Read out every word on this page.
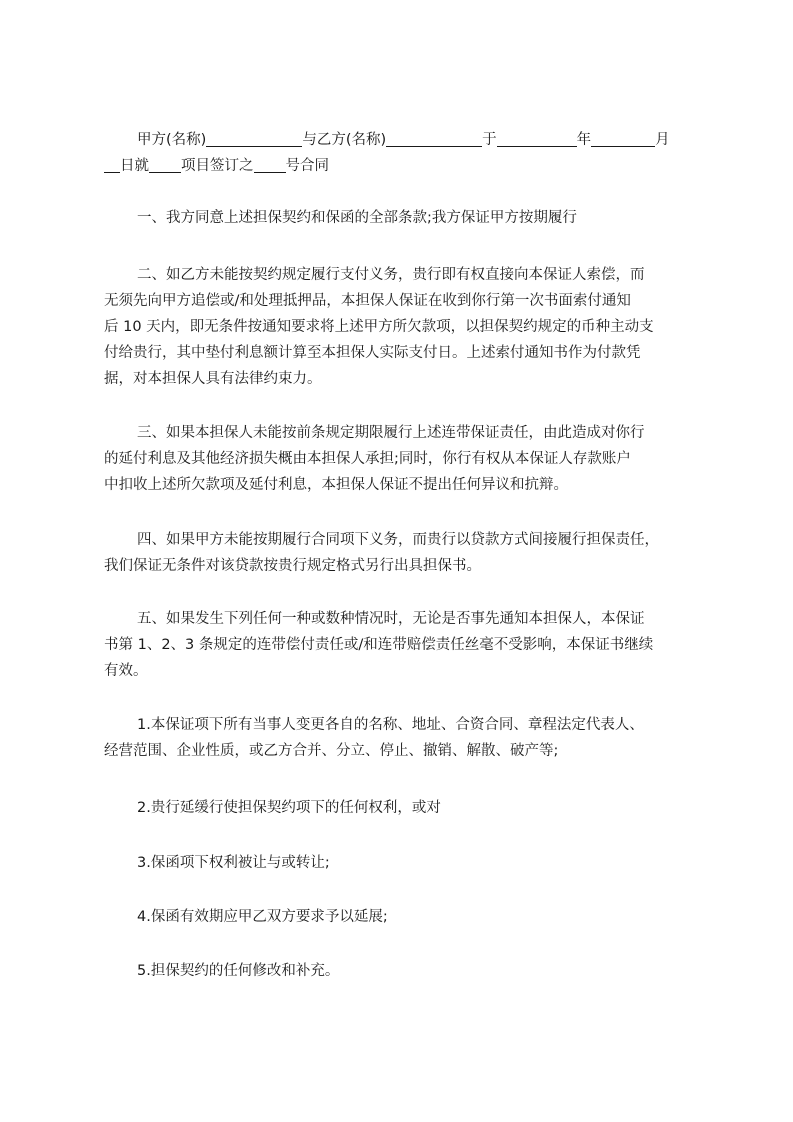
甲方(名称)	与乙方(名称)	于	年	月
日就 项目签订之 号合同
一、我方同意上述担保契约和保函的全部条款;我方保证甲方按期履行
二、如乙方未能按契约规定履行支付义务，贵行即有权直接向本保证人索偿，而
无须先向甲方追偿或/和处理抵押品，本担保人保证在收到你行第一次书面索付通知
后 10 天内，即无条件按通知要求将上述甲方所欠款项，以担保契约规定的币种主动支
付给贵行，其中垫付利息额计算至本担保人实际支付日。上述索付通知书作为付款凭
据，对本担保人具有法律约束力。
三、如果本担保人未能按前条规定期限履行上述连带保证责任，由此造成对你行
的延付利息及其他经济损失概由本担保人承担;同时，你行有权从本保证人存款账户
中扣收上述所欠款项及延付利息，本担保人保证不提出任何异议和抗辩。
四、如果甲方未能按期履行合同项下义务，而贵行以贷款方式间接履行担保责任，
我们保证无条件对该贷款按贵行规定格式另行出具担保书。
五、如果发生下列任何一种或数种情况时，无论是否事先通知本担保人，本保证
书第 1、2、3 条规定的连带偿付责任或/和连带赔偿责任丝毫不受影响，本保证书继续
有效。
1.本保证项下所有当事人变更各自的名称、地址、合资合同、章程法定代表人、
经营范围、企业性质，或乙方合并、分立、停止、撤销、解散、破产等;
2.贵行延缓行使担保契约项下的任何权利，或对
3.保函项下权利被让与或转让;
4.保函有效期应甲乙双方要求予以延展;
5.担保契约的任何修改和补充。
